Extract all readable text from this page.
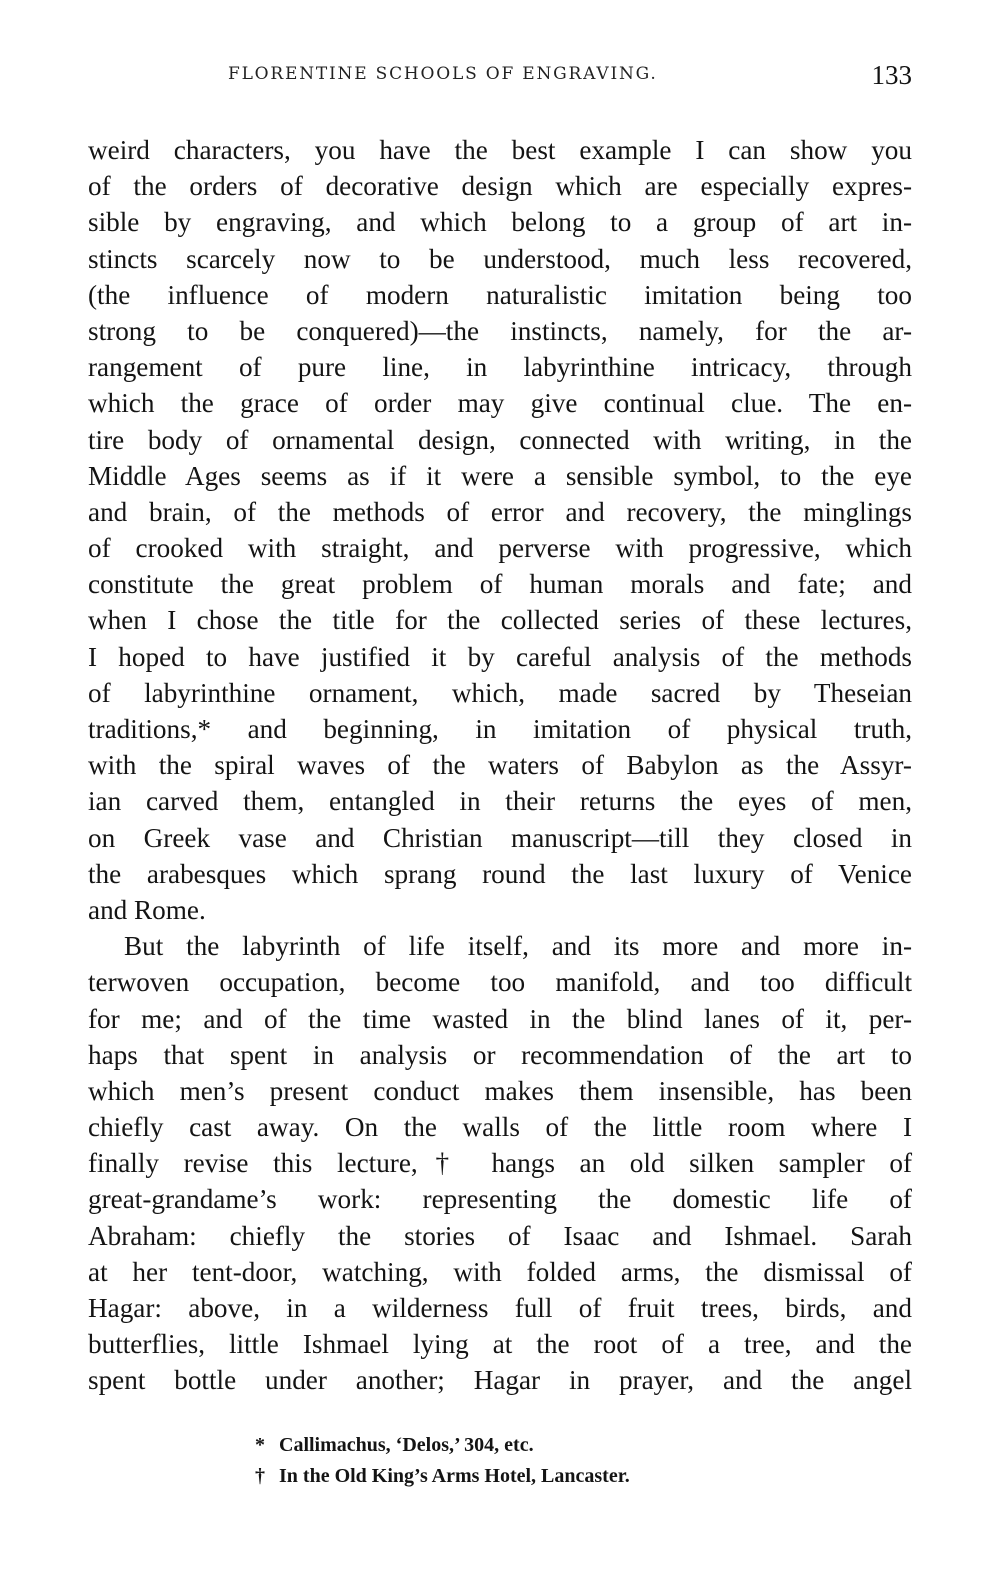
FLORENTINE SCHOOLS OF ENGRAVING.	133
weird characters, you have the best example I can show you
of the orders of decorative design which are especially expres-
sible by engraving, and which belong to a group of art in-
stincts scarcely now to be understood, much less recovered,
(the influence of modern naturalistic imitation being too
strong to be conquered)—the instincts, namely, for the ar-
rangement of pure line, in labyrinthine intricacy, through
which the grace of order may give continual clue. The en-
tire body of ornamental design, connected with writing, in the
Middle Ages seems as if it were a sensible symbol, to the eye
and brain, of the methods of error and recovery, the minglings
of crooked with straight, and perverse with progressive, which
constitute the great problem of human morals and fate; and
when I chose the title for the collected series of these lectures,
I hoped to have justified it by careful analysis of the methods
of labyrinthine ornament, which, made sacred by Theseian
traditions,* and beginning, in imitation of physical truth,
with the spiral waves of the waters of Babylon as the Assyr-
ian carved them, entangled in their returns the eyes of men,
on Greek vase and Christian manuscript—till they closed in
the arabesques which sprang round the last luxury of Venice
and Rome.
But the labyrinth of life itself, and its more and more in-
terwoven occupation, become too manifold, and too difficult
for me; and of the time wasted in the blind lanes of it, per-
haps that spent in analysis or recommendation of the art to
which men’s present conduct makes them insensible, has been
chiefly cast away. On the walls of the little room where I
finally revise this lecture,† hangs an old silken sampler of
great-grandame’s work: representing the domestic life of
Abraham: chiefly the stories of Isaac and Ishmael. Sarah
at her tent-door, watching, with folded arms, the dismissal of
Hagar: above, in a wilderness full of fruit trees, birds, and
butterflies, little Ishmael lying at the root of a tree, and the
spent bottle under another; Hagar in prayer, and the angel
* Callimachus, ‘Delos,’ 304, etc.
† In the Old King’s Arms Hotel, Lancaster.
